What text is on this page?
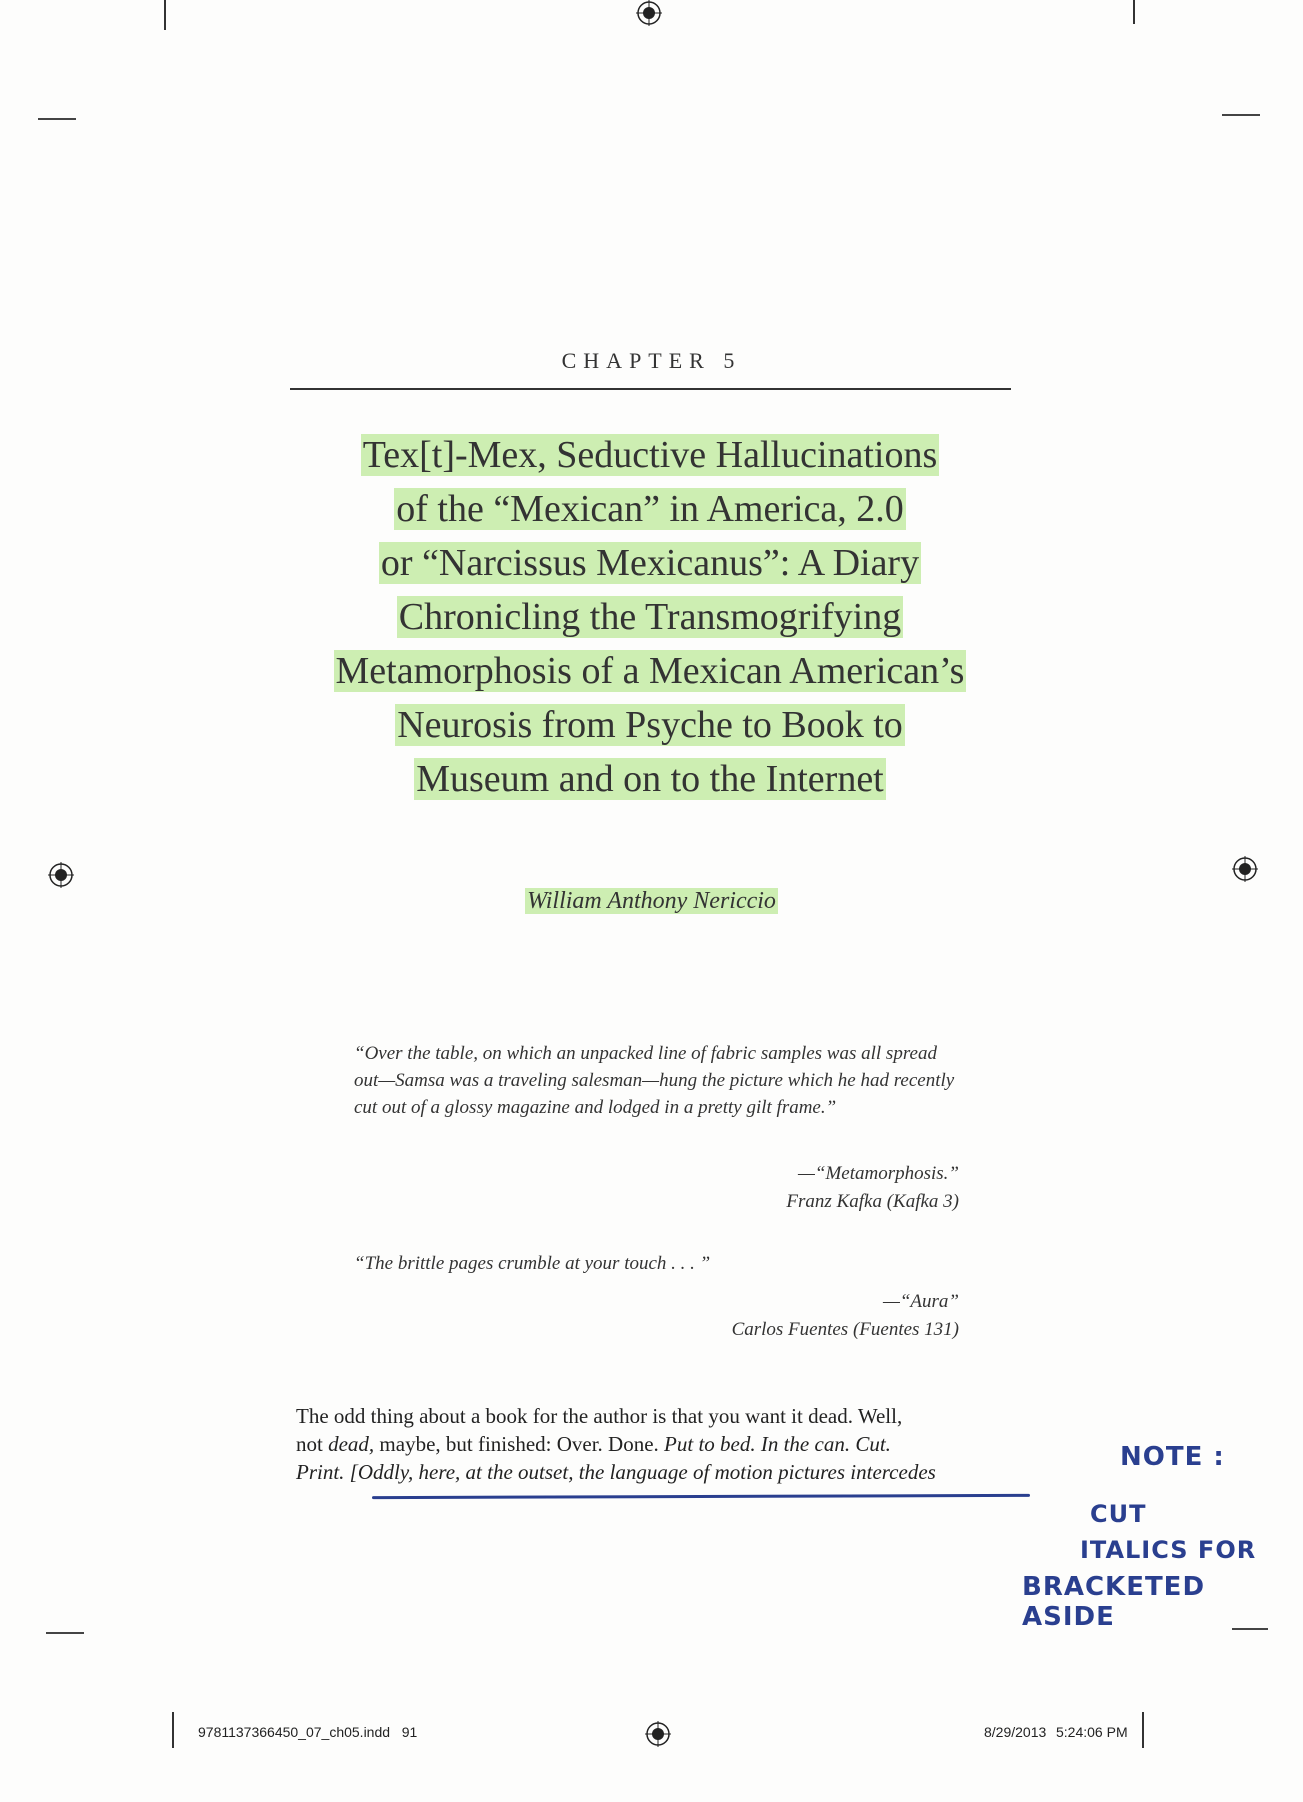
CHAPTER 5
Tex[t]-Mex, Seductive Hallucinations
of the “Mexican” in America, 2.0
or “Narcissus Mexicanus”: A Diary
Chronicling the Transmogrifying
Metamorphosis of a Mexican American’s
Neurosis from Psyche to Book to
Museum and on to the Internet
William Anthony Nericcio
“Over the table, on which an unpacked line of fabric samples was all spread out—Samsa was a traveling salesman—hung the picture which he had recently cut out of a glossy magazine and lodged in a pretty gilt frame.”
—“Metamorphosis.”
Franz Kafka (Kafka 3)
“The brittle pages crumble at your touch . . . ”
—“Aura”
Carlos Fuentes (Fuentes 131)
The odd thing about a book for the author is that you want it dead. Well,
not dead, maybe, but finished: Over. Done. Put to bed. In the can. Cut.
Print. [Oddly, here, at the outset, the language of motion pictures intercedes	NOTE :
CUT
ITALICS FOR
BRACKETED ASIDE
9781137366450_07_ch05.indd   91	8/29/2013 5:24:06 PM
